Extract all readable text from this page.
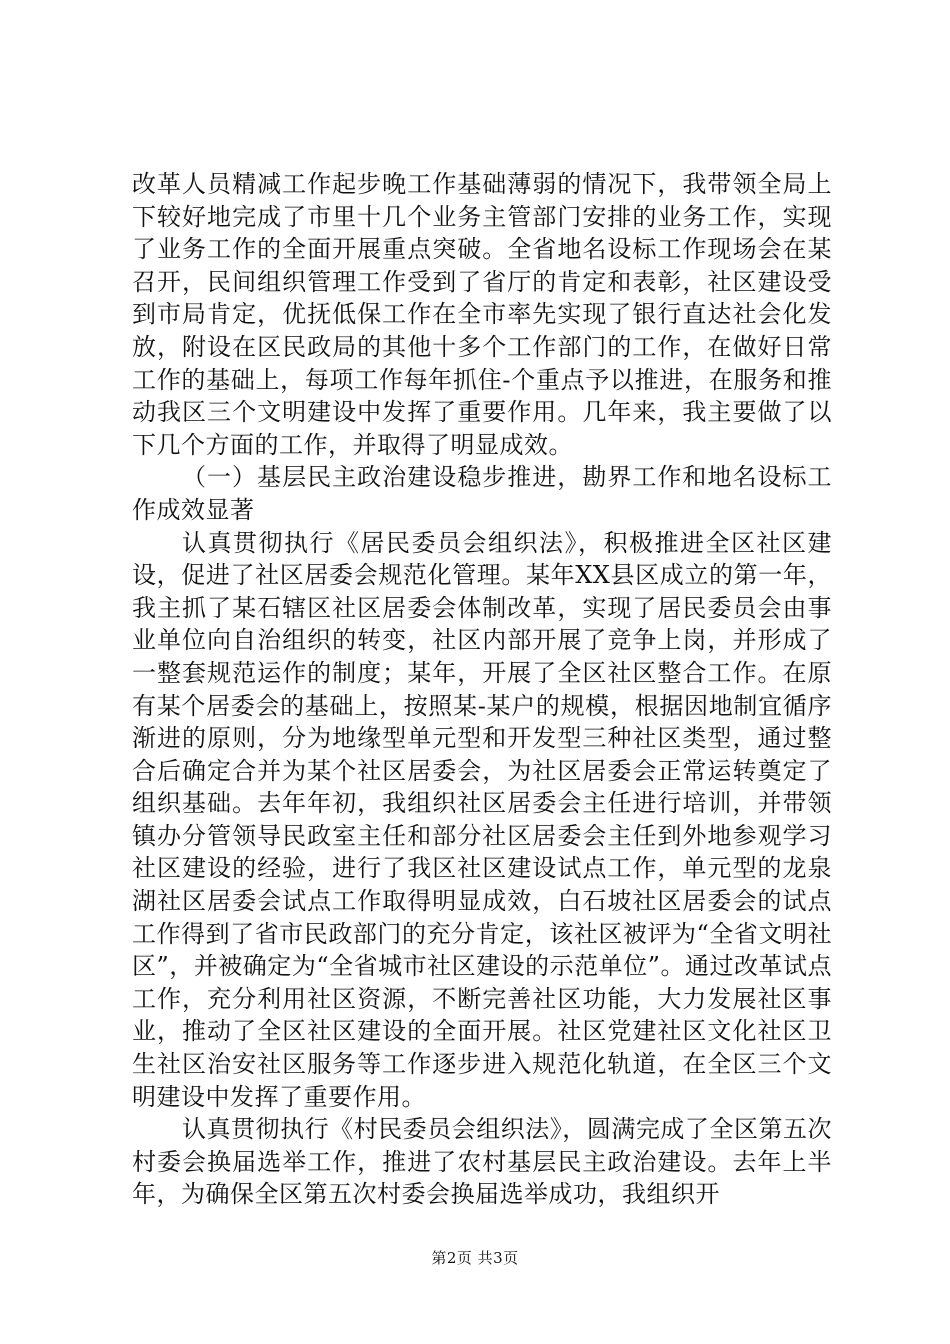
改革人员精减工作起步晚工作基础薄弱的情况下，我带领全局上下较好地完成了市里十几个业务主管部门安排的业务工作，实现了业务工作的全面开展重点突破。全省地名设标工作现场会在某召开，民间组织管理工作受到了省厅的肯定和表彰，社区建设受到市局肯定，优抚低保工作在全市率先实现了银行直达社会化发放，附设在区民政局的其他十多个工作部门的工作，在做好日常工作的基础上，每项工作每年抓住-个重点予以推进，在服务和推动我区三个文明建设中发挥了重要作用。几年来，我主要做了以下几个方面的工作，并取得了明显成效。

（一）基层民主政治建设稳步推进，勘界工作和地名设标工作成效显著

认真贯彻执行《居民委员会组织法》，积极推进全区社区建设，促进了社区居委会规范化管理。某年XX县区成立的第一年，我主抓了某石辖区社区居委会体制改革，实现了居民委员会由事业单位向自治组织的转变，社区内部开展了竞争上岗，并形成了一整套规范运作的制度；某年，开展了全区社区整合工作。在原有某个居委会的基础上，按照某-某户的规模，根据因地制宜循序渐进的原则，分为地缘型单元型和开发型三种社区类型，通过整合后确定合并为某个社区居委会，为社区居委会正常运转奠定了组织基础。去年年初，我组织社区居委会主任进行培训，并带领镇办分管领导民政室主任和部分社区居委会主任到外地参观学习社区建设的经验，进行了我区社区建设试点工作，单元型的龙泉湖社区居委会试点工作取得明显成效，白石坡社区居委会的试点工作得到了省市民政部门的充分肯定，该社区被评为“全省文明社区”，并被确定为“全省城市社区建设的示范单位”。通过改革试点工作，充分利用社区资源，不断完善社区功能，大力发展社区事业，推动了全区社区建设的全面开展。社区党建社区文化社区卫生社区治安社区服务等工作逐步进入规范化轨道，在全区三个文明建设中发挥了重要作用。

认真贯彻执行《村民委员会组织法》，圆满完成了全区第五次村委会换届选举工作，推进了农村基层民主政治建设。去年上半年，为确保全区第五次村委会换届选举成功，我组织开

第2页 共3页
